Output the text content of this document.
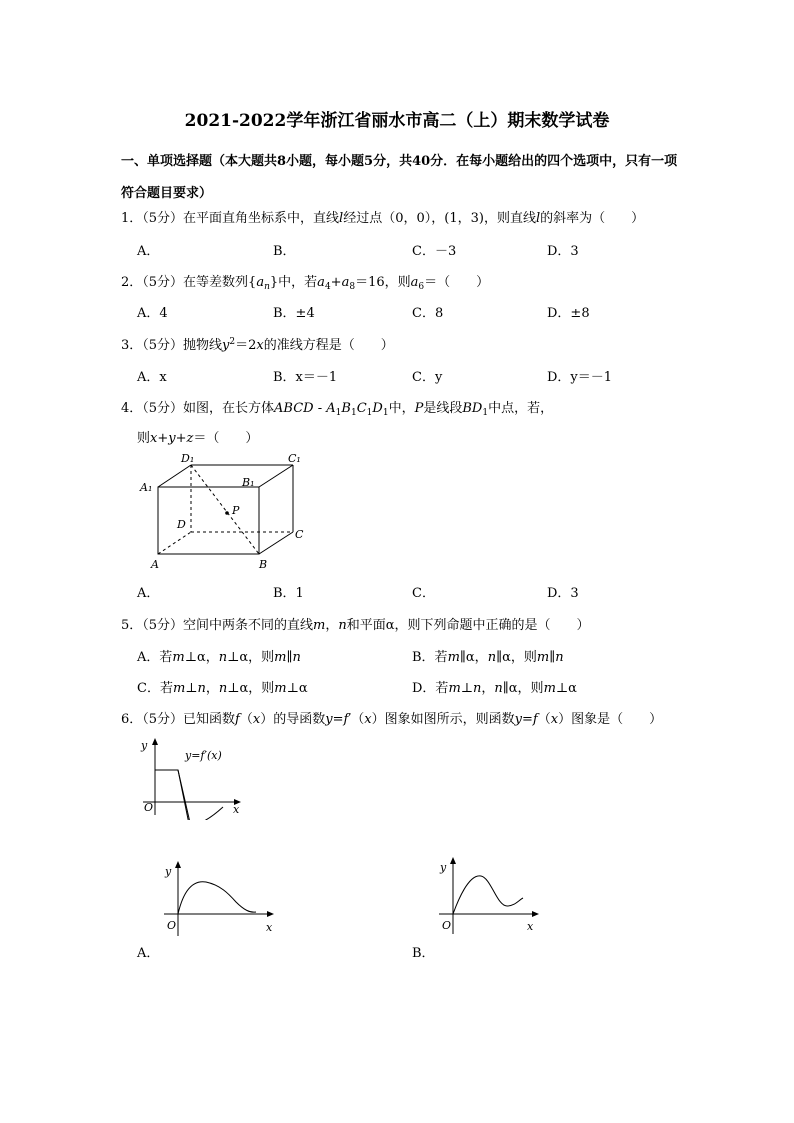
2021-2022学年浙江省丽水市高二（上）期末数学试卷
一、单项选择题（本大题共8小题，每小题5分，共40分．在每小题给出的四个选项中，只有一项符合题目要求）
1．（5分）在平面直角坐标系中，直线l经过点（0，0），(1，3)，则直线l的斜率为（　　）
A．	B．	C．－3	D．3
2．（5分）在等差数列$\{a_n\}$中，若$a_4+a_8=16$，则$a_6=$（　　）
A．4	B．±4	C．8	D．±8
3．（5分）抛物线$y^2=2x$的准线方程是（　　）
A．x	B．x＝－1	C．y	D．y＝－1
4．（5分）如图，在长方体ABCD - $A_1B_1C_1D_1$中，P是线段$BD_1$中点，若，
则x+y+z＝（　　）
D₁	C₁
A₁	B₁
D
P
C
A	B
A．	B．1	C．	D．3
5．（5分）空间中两条不同的直线m，n和平面α，则下列命题中正确的是（　　）
A．若m⊥α，n⊥α，则m∥n	B．若m∥α，n∥α，则m∥n
C．若m⊥n，n⊥α，则m⊥α	D．若m⊥n，n∥α，则m⊥α
6．（5分）已知函数f（x）的导函数y=f′（x）图象如图所示，则函数y=f（x）图象是（　　）
y
O	x
y=f′(x)
y
O	x
A．
y
O	x
B．
